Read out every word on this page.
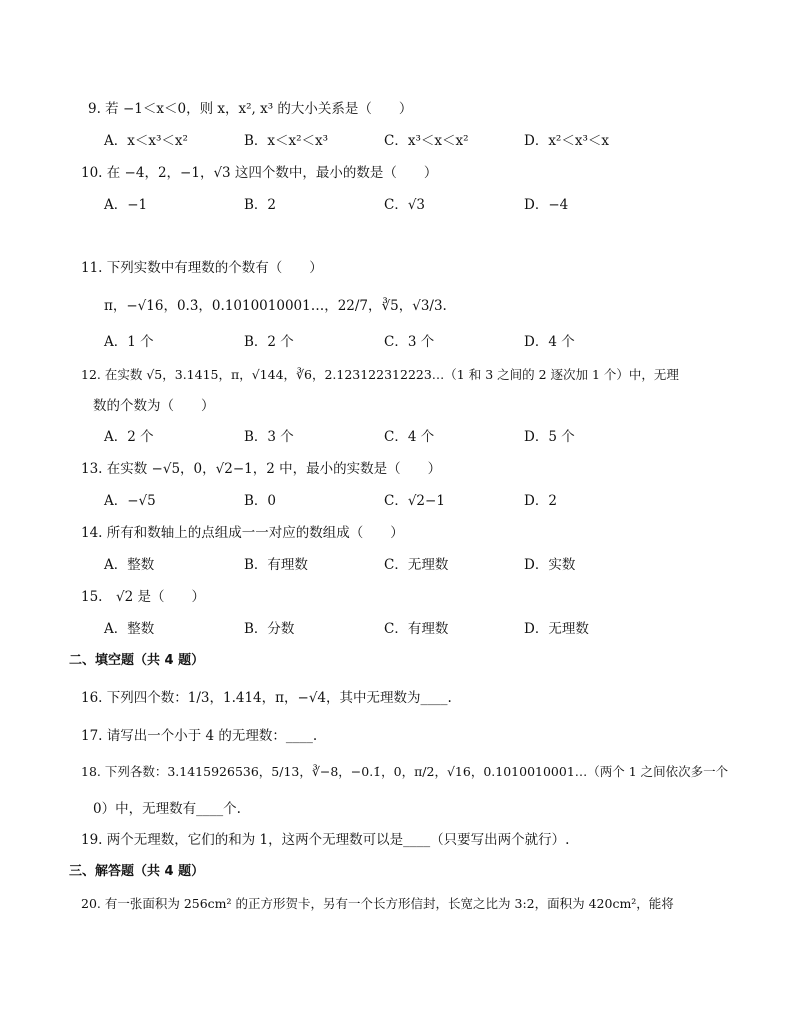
9. 若 −1＜x＜0，则 x，x², x³ 的大小关系是（　　）
A．x＜x³＜x²	B．x＜x²＜x³	C．x³＜x＜x²	D．x²＜x³＜x
10. 在 −4，2，−1，√3 这四个数中，最小的数是（　　）
A．−1	B．2	C．√3	D．−4
11. 下列实数中有理数的个数有（　　）
π，−√16，0.3̇，0.1010010001…，22/7，∛5，√3/3.
A．1 个	B．2 个	C．3 个	D．4 个
12. 在实数 √5，3.1415，π，√144，∛6，2.123122312223…（1 和 3 之间的 2 逐次加 1 个）中，无理
数的个数为（　　）
A．2 个	B．3 个	C．4 个	D．5 个
13. 在实数 −√5，0，√2−1，2 中，最小的实数是（　　）
A．−√5	B．0	C．√2−1	D．2
14. 所有和数轴上的点组成一一对应的数组成（　　）
A．整数	B．有理数	C．无理数	D．实数
15.　√2 是（　　）
A．整数	B．分数	C．有理数	D．无理数
二、填空题（共 4 题）
16. 下列四个数：1/3，1.414，π，−√4，其中无理数为____.
17. 请写出一个小于 4 的无理数：____.
18. 下列各数：3.1415926536，5/13，∛−8，−0.1̇，0，π/2，√16，0.1010010001…（两个 1 之间依次多一个
0）中，无理数有____个.
19. 两个无理数，它们的和为 1，这两个无理数可以是____（只要写出两个就行）.
三、解答题（共 4 题）
20. 有一张面积为 256cm² 的正方形贺卡，另有一个长方形信封，长宽之比为 3:2，面积为 420cm²，能将
